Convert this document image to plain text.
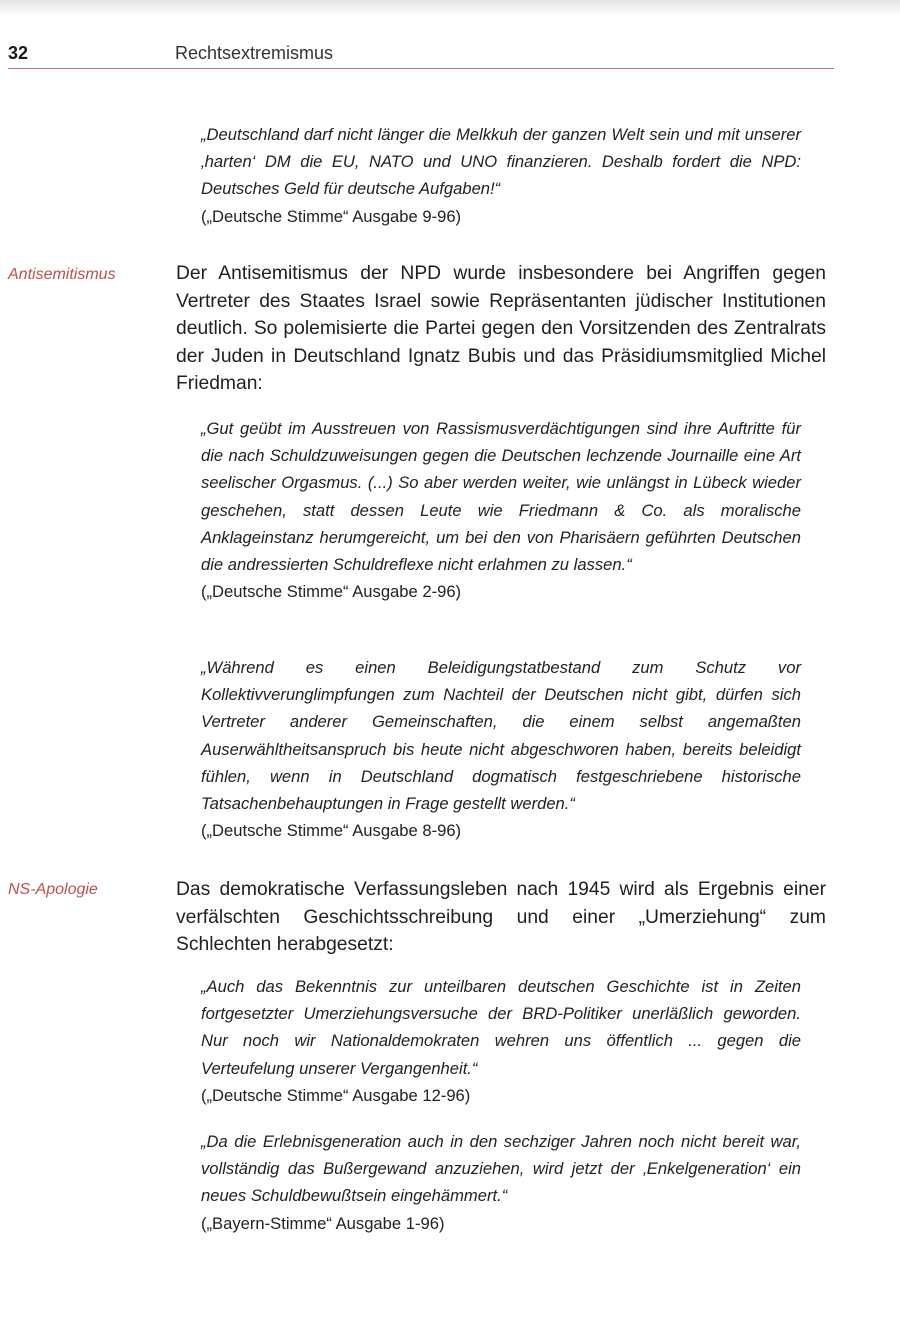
32	Rechtsextremismus

„Deutschland darf nicht länger die Melkkuh der ganzen Welt sein und mit unserer ‚harten‘ DM die EU, NATO und UNO finanzieren. Deshalb fordert die NPD: Deutsches Geld für deutsche Aufgaben!“

(„Deutsche Stimme“ Ausgabe 9-96)

Antisemitismus	Der Antisemitismus der NPD wurde insbesondere bei Angriffen gegen Vertreter des Staates Israel sowie Repräsentanten jüdischer Institutionen deutlich. So polemisierte die Partei gegen den Vorsitzenden des Zentralrats der Juden in Deutschland Ignatz Bubis und das Präsidiumsmitglied Michel Friedman:

„Gut geübt im Ausstreuen von Rassismusverdächtigungen sind ihre Auftritte für die nach Schuldzuweisungen gegen die Deutschen lechzende Journaille eine Art seelischer Orgasmus. (...) So aber werden weiter, wie unlängst in Lübeck wieder geschehen, statt dessen Leute wie Friedmann & Co. als moralische Anklageinstanz herumgereicht, um bei den von Pharisäern geführten Deutschen die andressierten Schuldreflexe nicht erlahmen zu lassen.“

(„Deutsche Stimme“ Ausgabe 2-96)

„Während es einen Beleidigungstatbestand zum Schutz vor Kollektivverunglimpfungen zum Nachteil der Deutschen nicht gibt, dürfen sich Vertreter anderer Gemeinschaften, die einem selbst angemaßten Auserwähltheitsanspruch bis heute nicht abgeschworen haben, bereits beleidigt fühlen, wenn in Deutschland dogmatisch festgeschriebene historische Tatsachenbehauptungen in Frage gestellt werden.“

(„Deutsche Stimme“ Ausgabe 8-96)

NS-Apologie	Das demokratische Verfassungsleben nach 1945 wird als Ergebnis einer verfälschten Geschichtsschreibung und einer „Umerziehung“ zum Schlechten herabgesetzt:

„Auch das Bekenntnis zur unteilbaren deutschen Geschichte ist in Zeiten fortgesetzter Umerziehungsversuche der BRD-Politiker unerläßlich geworden. Nur noch wir Nationaldemokraten wehren uns öffentlich ... gegen die Verteufelung unserer Vergangenheit.“

(„Deutsche Stimme“ Ausgabe 12-96)

„Da die Erlebnisgeneration auch in den sechziger Jahren noch nicht bereit war, vollständig das Bußergewand anzuziehen, wird jetzt der ‚Enkelgeneration‘ ein neues Schuldbewußtsein eingehämmert.“

(„Bayern-Stimme“ Ausgabe 1-96)
